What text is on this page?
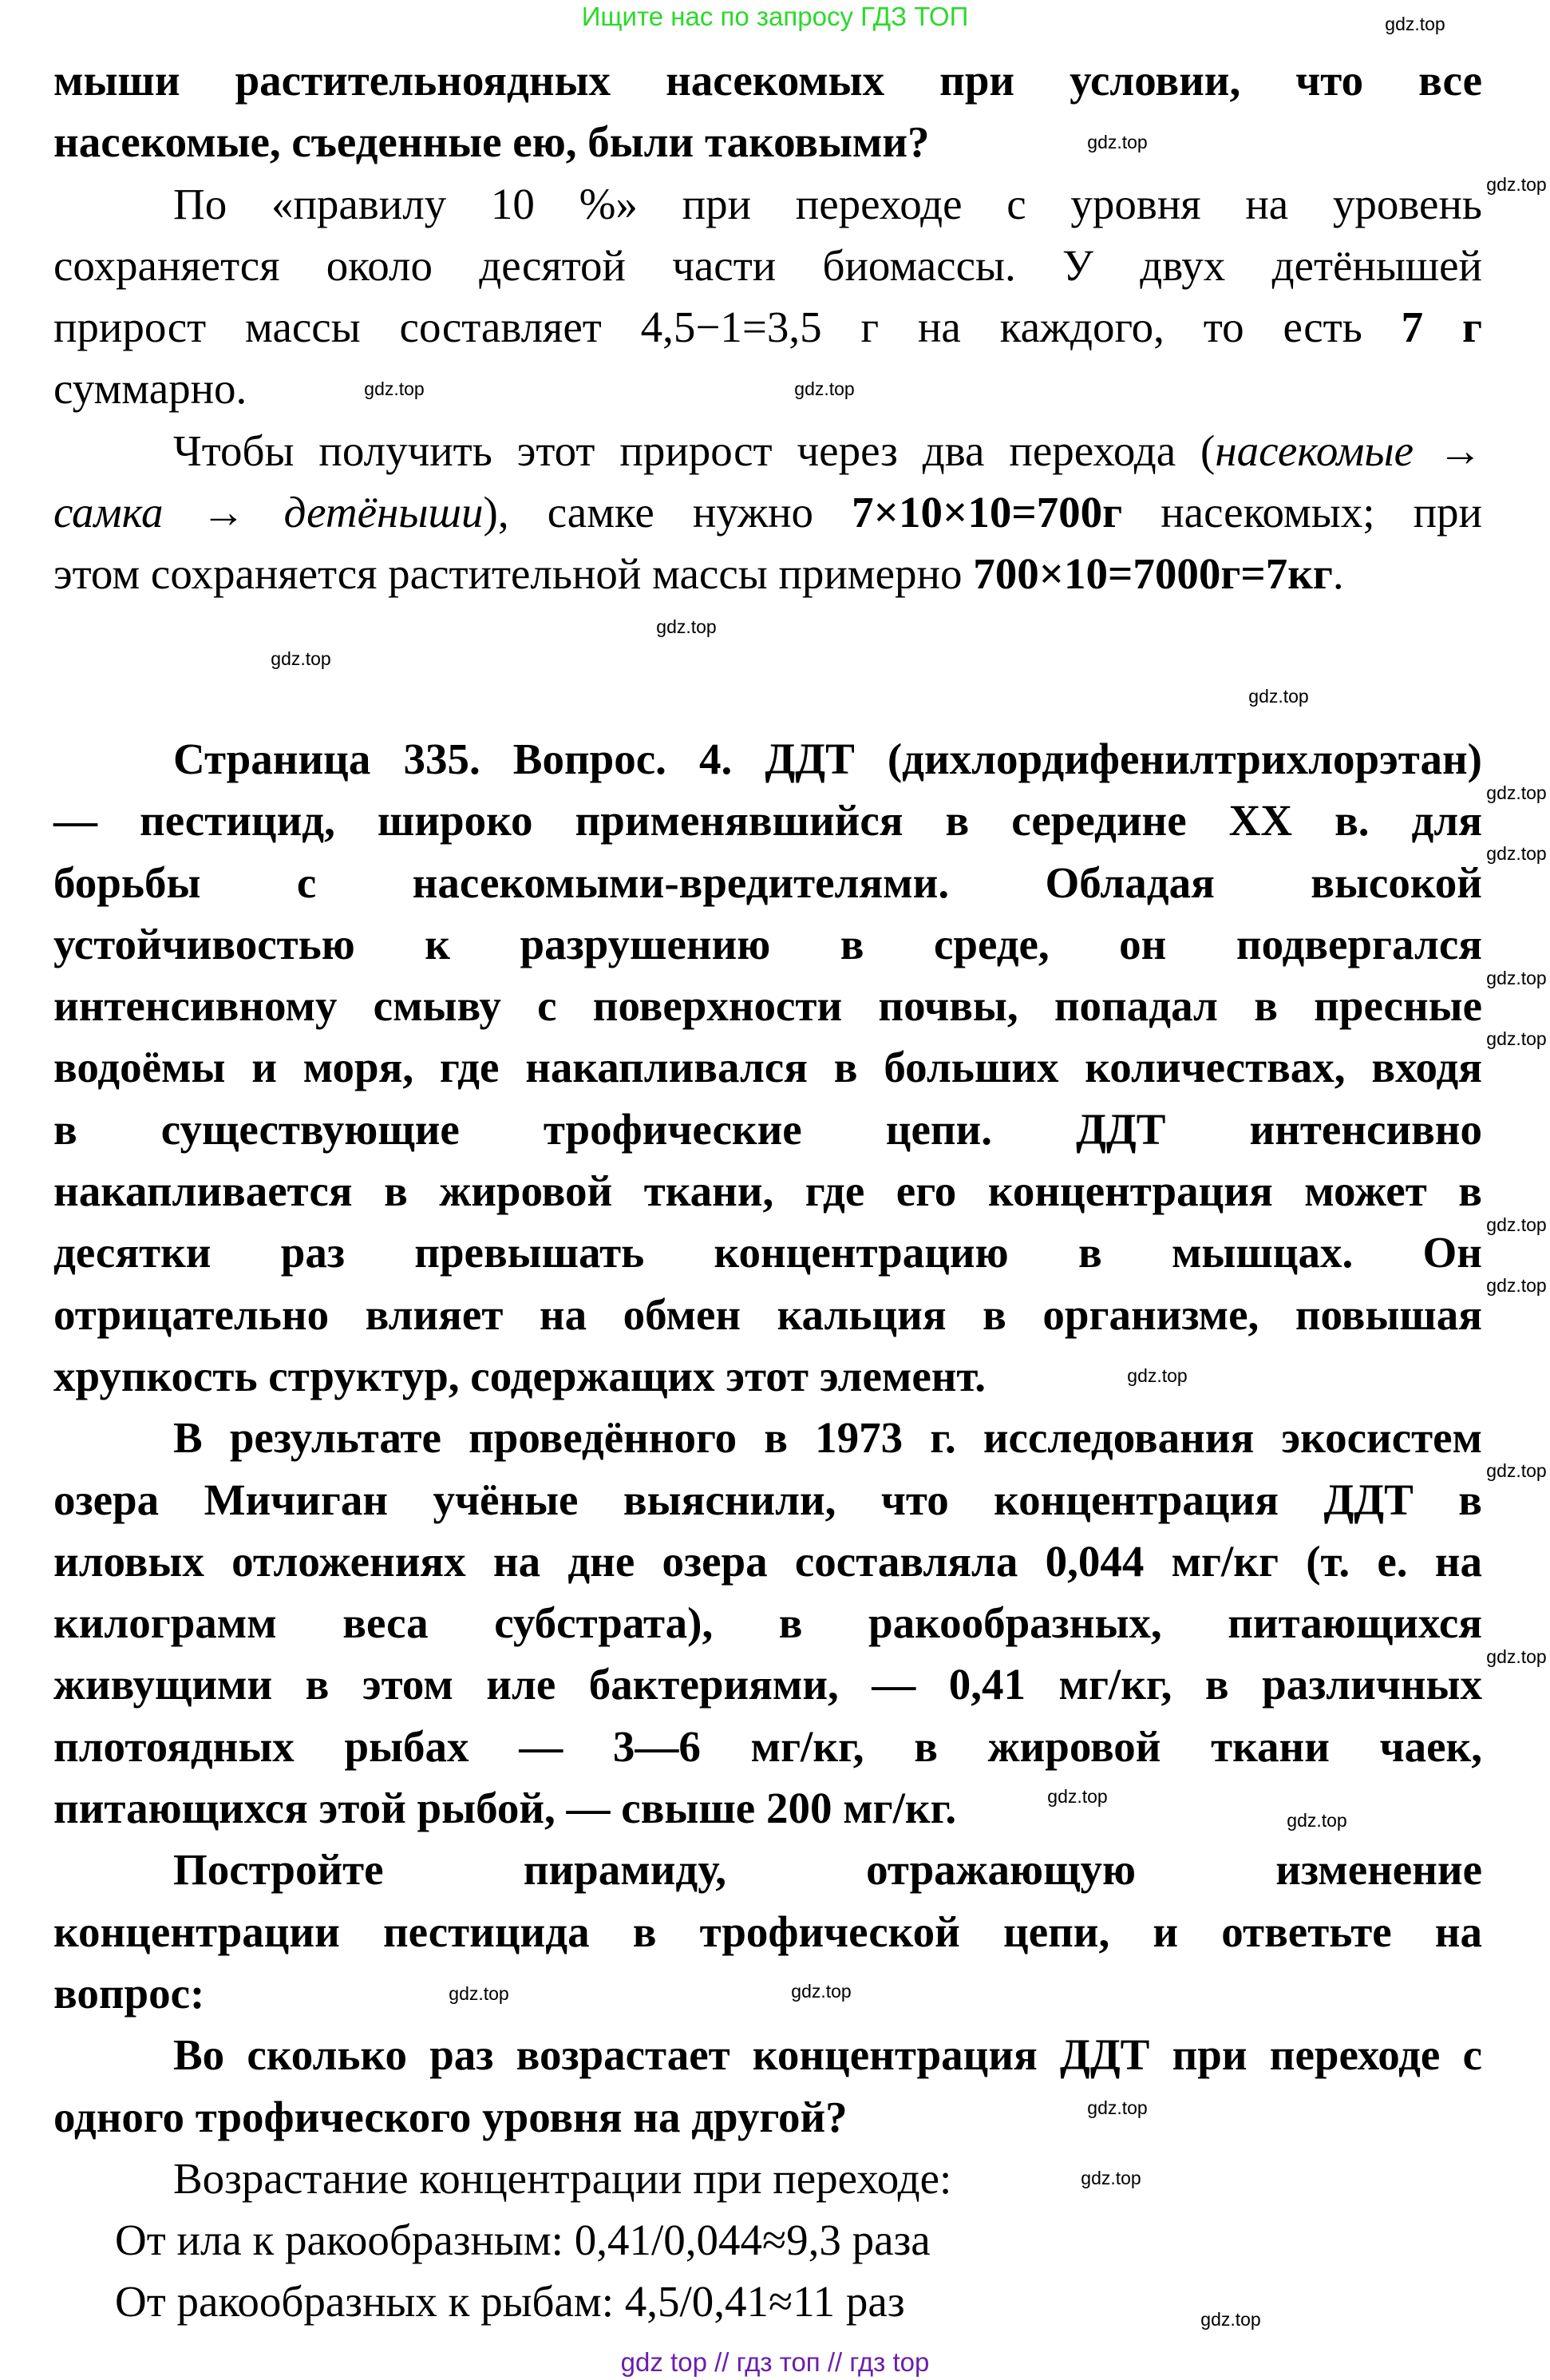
Ищите нас по запросу ГДЗ ТОП
мыши растительноядных насекомых при условии, что все
насекомые, съеденные ею, были таковыми?
По «правилу 10 %» при переходе с уровня на уровень
сохраняется около десятой части биомассы. У двух детёнышей
прирост массы составляет 4,5−1=3,5 г на каждого, то есть 7 г
суммарно.
Чтобы получить этот прирост через два перехода (насекомые →
самка → детёныши), самке нужно 7×10×10=700г насекомых; при
этом сохраняется растительной массы примерно 700×10=7000г=7кг.
Страница 335. Вопрос. 4. ДДТ (дихлордифенилтрихлорэтан)
— пестицид, широко применявшийся в середине XX в. для
борьбы с насекомыми-вредителями. Обладая высокой
устойчивостью к разрушению в среде, он подвергался
интенсивному смыву с поверхности почвы, попадал в пресные
водоёмы и моря, где накапливался в больших количествах, входя
в существующие трофические цепи. ДДТ интенсивно
накапливается в жировой ткани, где его концентрация может в
десятки раз превышать концентрацию в мышцах. Он
отрицательно влияет на обмен кальция в организме, повышая
хрупкость структур, содержащих этот элемент.
В результате проведённого в 1973 г. исследования экосистем
озера Мичиган учёные выяснили, что концентрация ДДТ в
иловых отложениях на дне озера составляла 0,044 мг/кг (т. е. на
килограмм веса субстрата), в ракообразных, питающихся
живущими в этом иле бактериями, — 0,41 мг/кг, в различных
плотоядных рыбах — 3—6 мг/кг, в жировой ткани чаек,
питающихся этой рыбой, — свыше 200 мг/кг.
Постройте пирамиду, отражающую изменение
концентрации пестицида в трофической цепи, и ответьте на
вопрос:
Во сколько раз возрастает концентрация ДДТ при переходе с
одного трофического уровня на другой?
Возрастание концентрации при переходе:
От ила к ракообразным: 0,41/0,044≈9,3 раза
От ракообразных к рыбам: 4,5/0,41≈11 раз
gdz.top
gdz.top
gdz.top
gdz.top	gdz.top
gdz.top
gdz.top
gdz.top
gdz.top
gdz.top
gdz.top
gdz.top
gdz.top
gdz.top
gdz.top
gdz.top
gdz.top
gdz.top
gdz.top
gdz.top
gdz.top
gdz.top
gdz.top
gdz.top
gdz top // гдз топ // гдз top
